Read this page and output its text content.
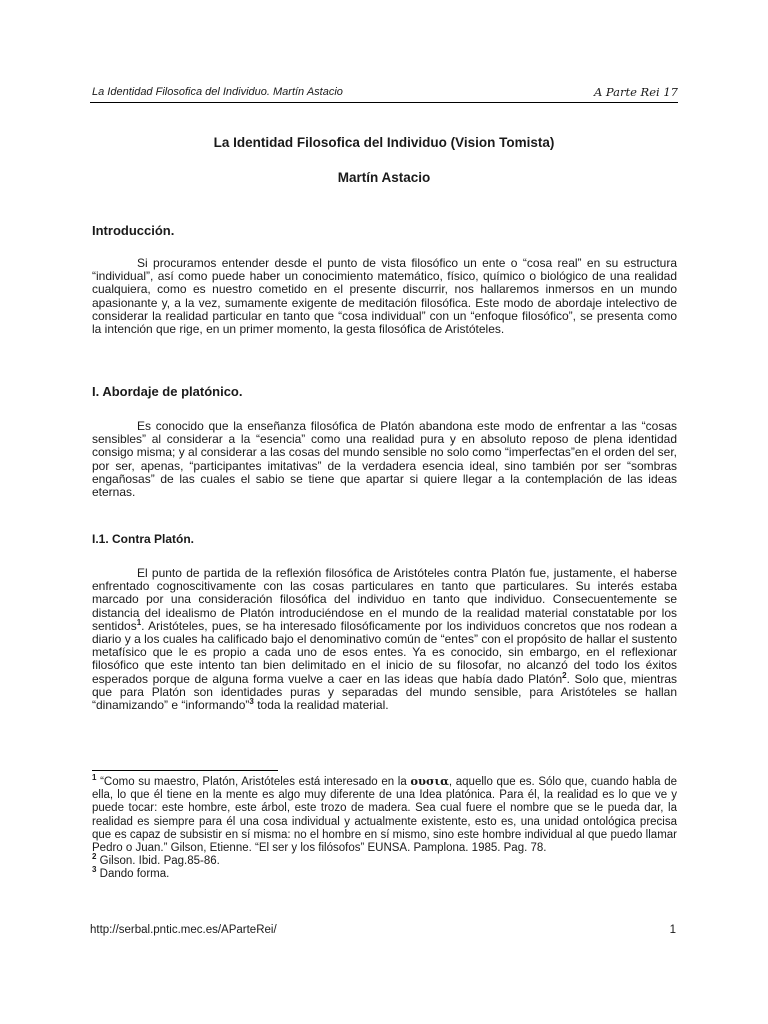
La Identidad Filosofica del Individuo. Martín Astacio	A Parte Rei 17
La Identidad Filosofica del Individuo (Vision Tomista)
Martín Astacio
Introducción.

Si procuramos entender desde el punto de vista filosófico un ente o “cosa real” en su estructura “individual”, así como puede haber un conocimiento matemático, físico, químico o biológico de una realidad cualquiera, como es nuestro cometido en el presente discurrir, nos hallaremos inmersos en un mundo apasionante y, a la vez, sumamente exigente de meditación filosófica. Este modo de abordaje intelectivo de considerar la realidad particular en tanto que “cosa individual” con un “enfoque filosófico”, se presenta como la intención que rige, en un primer momento, la gesta filosófica de Aristóteles.

I. Abordaje de platónico.

Es conocido que la enseñanza filosófica de Platón abandona este modo de enfrentar a las “cosas sensibles” al considerar a la “esencia” como una realidad pura y en absoluto reposo de plena identidad consigo misma; y al considerar a las cosas del mundo sensible no solo como “imperfectas”en el orden del ser, por ser, apenas, “participantes imitativas” de la verdadera esencia ideal, sino también por ser “sombras engañosas” de las cuales el sabio se tiene que apartar si quiere llegar a la contemplación de las ideas eternas.

I.1. Contra Platón.

El punto de partida de la reflexión filosófica de Aristóteles contra Platón fue, justamente, el haberse enfrentado cognoscitivamente con las cosas particulares en tanto que particulares. Su interés estaba marcado por una consideración filosófica del individuo en tanto que individuo. Consecuentemente se distancia del idealismo de Platón introduciéndose en el mundo de la realidad material constatable por los sentidos$^1$. Aristóteles, pues, se ha interesado filosóficamente por los individuos concretos que nos rodean a diario y a los cuales ha calificado bajo el denominativo común de “entes” con el propósito de hallar el sustento metafísico que le es propio a cada uno de esos entes. Ya es conocido, sin embargo, en el reflexionar filosófico que este intento tan bien delimitado en el inicio de su filosofar, no alcanzó del todo los éxitos esperados porque de alguna forma vuelve a caer en las ideas que había dado Platón$^2$. Solo que, mientras que para Platón son identidades puras y separadas del mundo sensible, para Aristóteles se hallan “dinamizando” e “informando”$^3$ toda la realidad material.

$^1$ “Como su maestro, Platón, Aristóteles está interesado en la ουσια, aquello que es. Sólo que, cuando habla de ella, lo que él tiene en la mente es algo muy diferente de una Idea platónica. Para él, la realidad es lo que ve y puede tocar: este hombre, este árbol, este trozo de madera. Sea cual fuere el nombre que se le pueda dar, la realidad es siempre para él una cosa individual y actualmente existente, esto es, una unidad ontológica precisa que es capaz de subsistir en sí misma: no el hombre en sí mismo, sino este hombre individual al que puedo llamar Pedro o Juan.” Gilson, Etienne. “El ser y los filósofos” EUNSA. Pamplona. 1985. Pag. 78.

$^2$ Gilson. Ibid. Pag.85-86.

$^3$ Dando forma.

http://serbal.pntic.mec.es/AParteRei/	1
